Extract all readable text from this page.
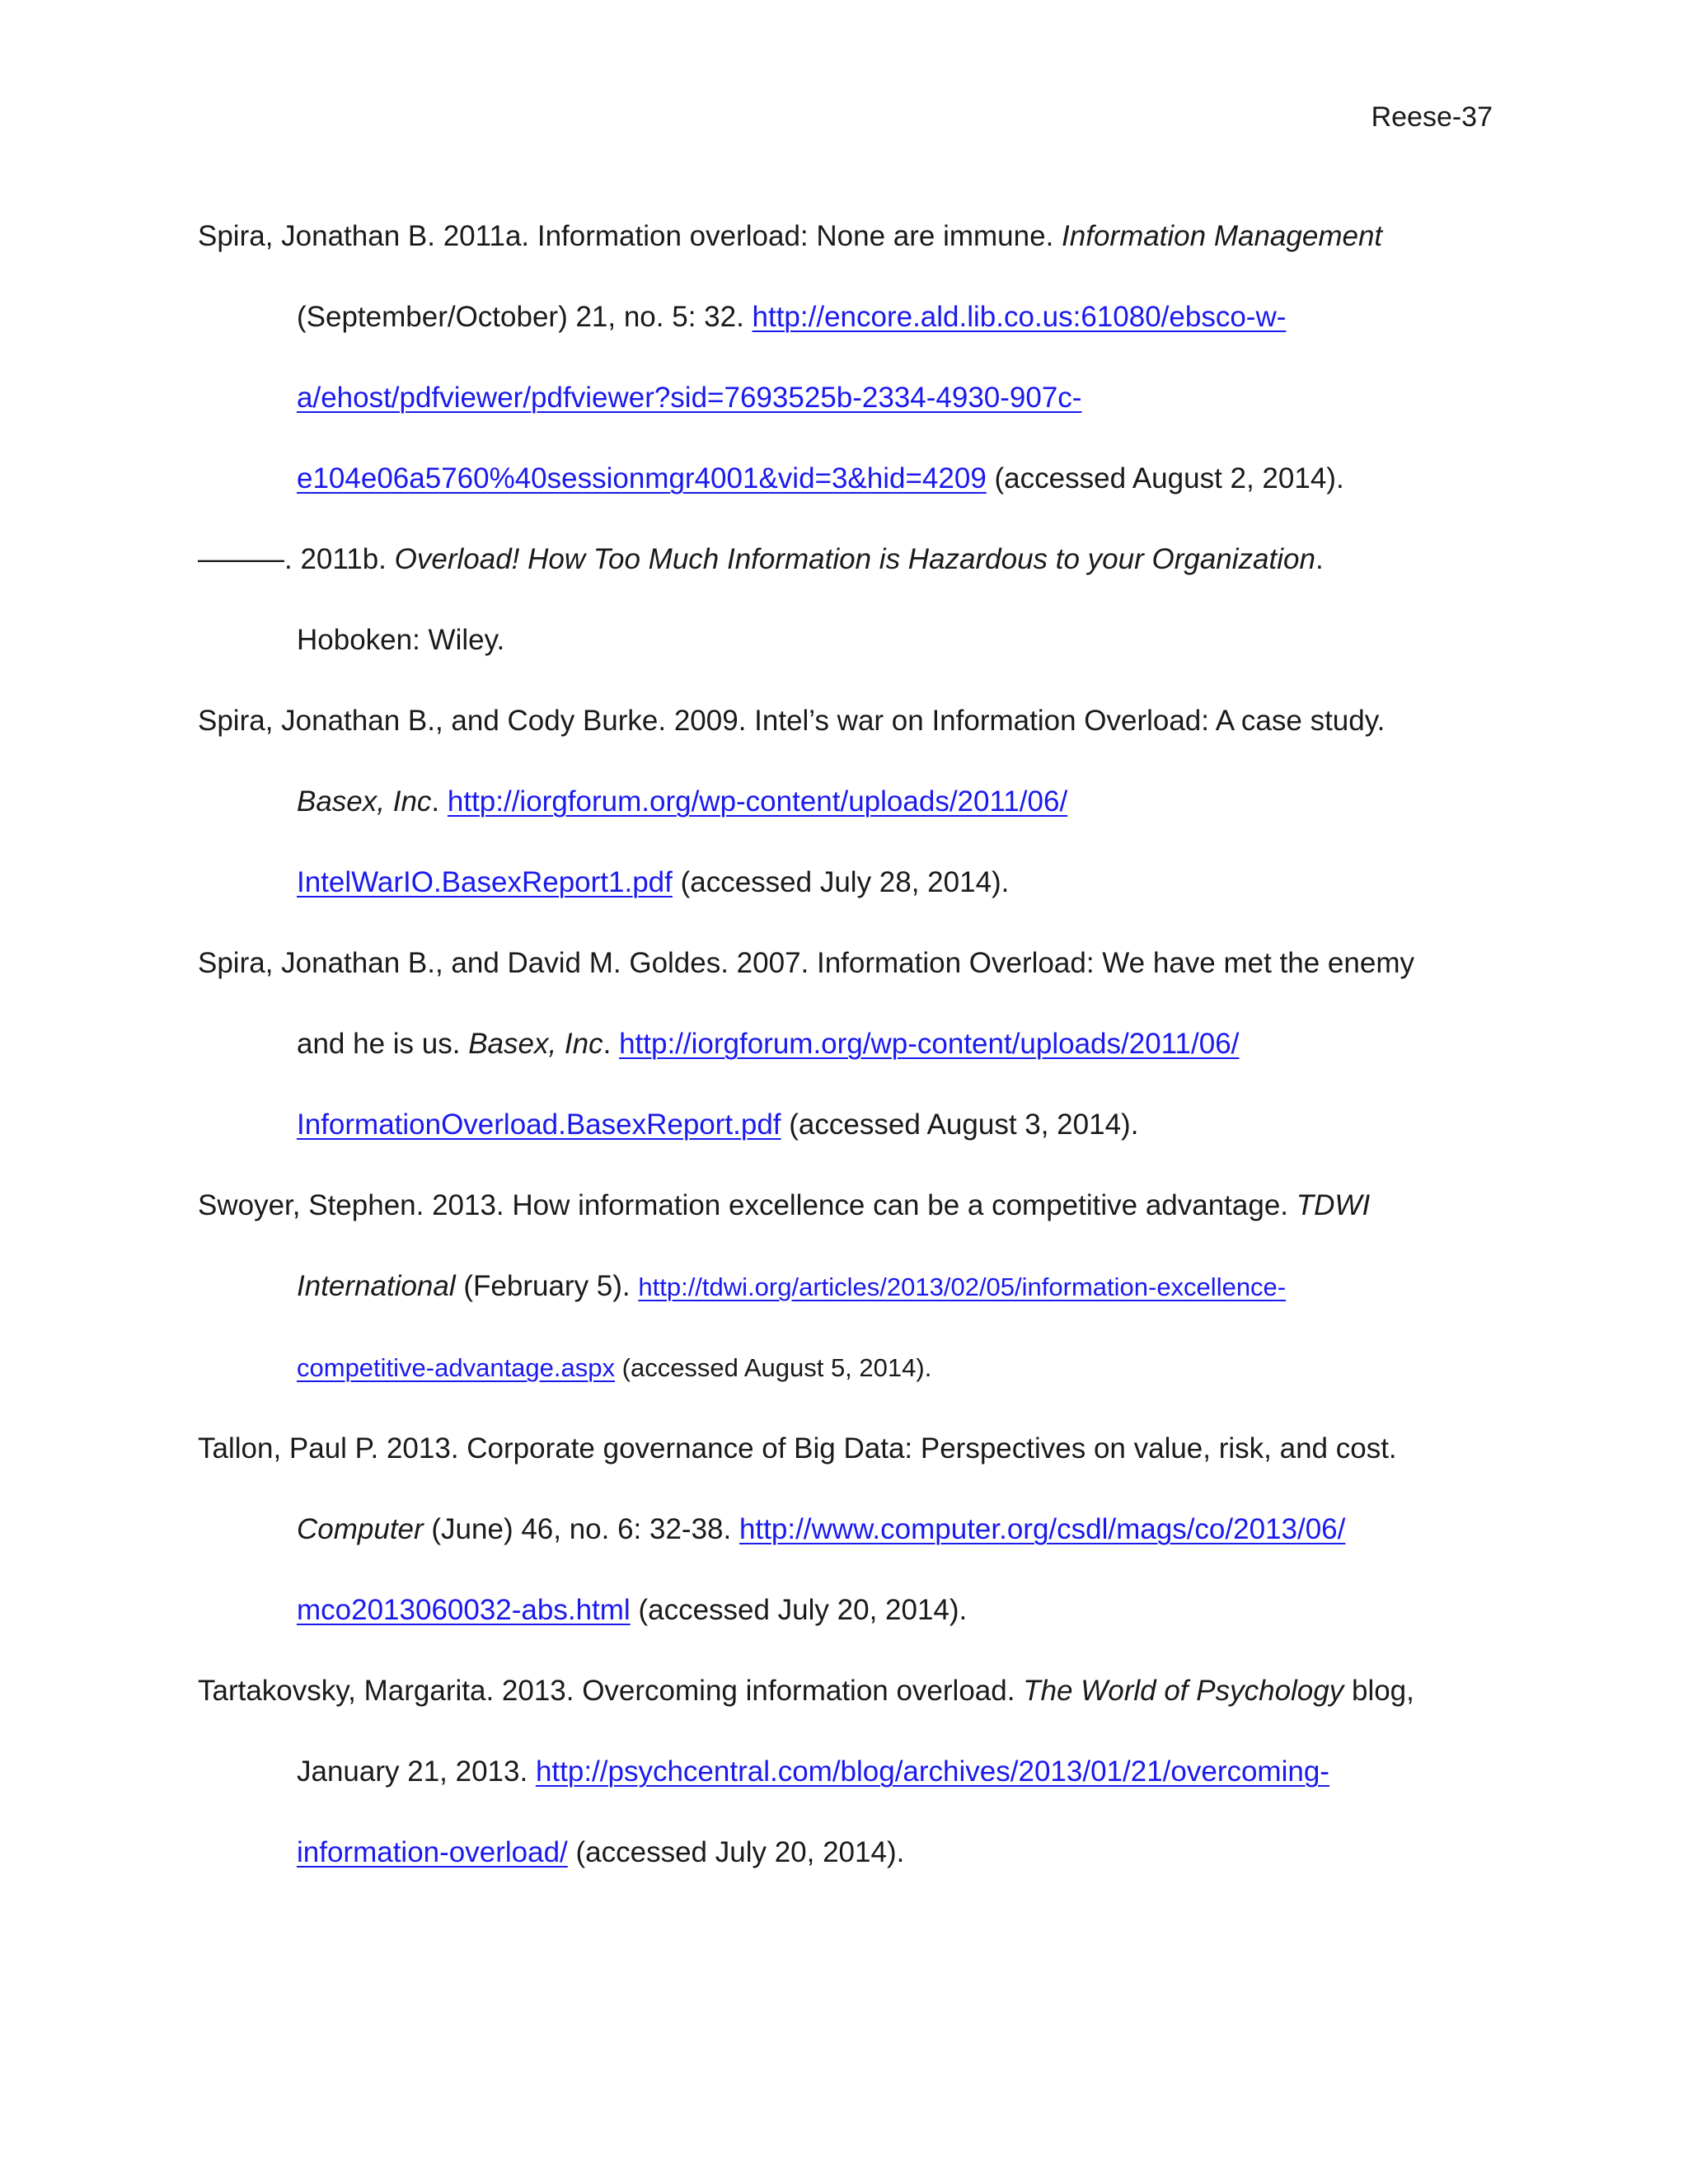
Reese-37
Spira, Jonathan B. 2011a. Information overload: None are immune. Information Management
(September/October) 21, no. 5: 32. http://encore.ald.lib.co.us:61080/ebsco-w-
a/ehost/pdfviewer/pdfviewer?sid=7693525b-2334-4930-907c-
e104e06a5760%40sessionmgr4001&vid=3&hid=4209 (accessed August 2, 2014).
———. 2011b. Overload! How Too Much Information is Hazardous to your Organization.
Hoboken: Wiley.
Spira, Jonathan B., and Cody Burke. 2009. Intel’s war on Information Overload: A case study.
Basex, Inc. http://iorgforum.org/wp-content/uploads/2011/06/
IntelWarIO.BasexReport1.pdf (accessed July 28, 2014).
Spira, Jonathan B., and David M. Goldes. 2007. Information Overload: We have met the enemy
and he is us. Basex, Inc. http://iorgforum.org/wp-content/uploads/2011/06/
InformationOverload.BasexReport.pdf (accessed August 3, 2014).
Swoyer, Stephen. 2013. How information excellence can be a competitive advantage. TDWI
International (February 5). http://tdwi.org/articles/2013/02/05/information-excellence-
competitive-advantage.aspx (accessed August 5, 2014).
Tallon, Paul P. 2013. Corporate governance of Big Data: Perspectives on value, risk, and cost.
Computer (June) 46, no. 6: 32-38. http://www.computer.org/csdl/mags/co/2013/06/
mco2013060032-abs.html (accessed July 20, 2014).
Tartakovsky, Margarita. 2013. Overcoming information overload. The World of Psychology blog,
January 21, 2013. http://psychcentral.com/blog/archives/2013/01/21/overcoming-
information-overload/ (accessed July 20, 2014).
